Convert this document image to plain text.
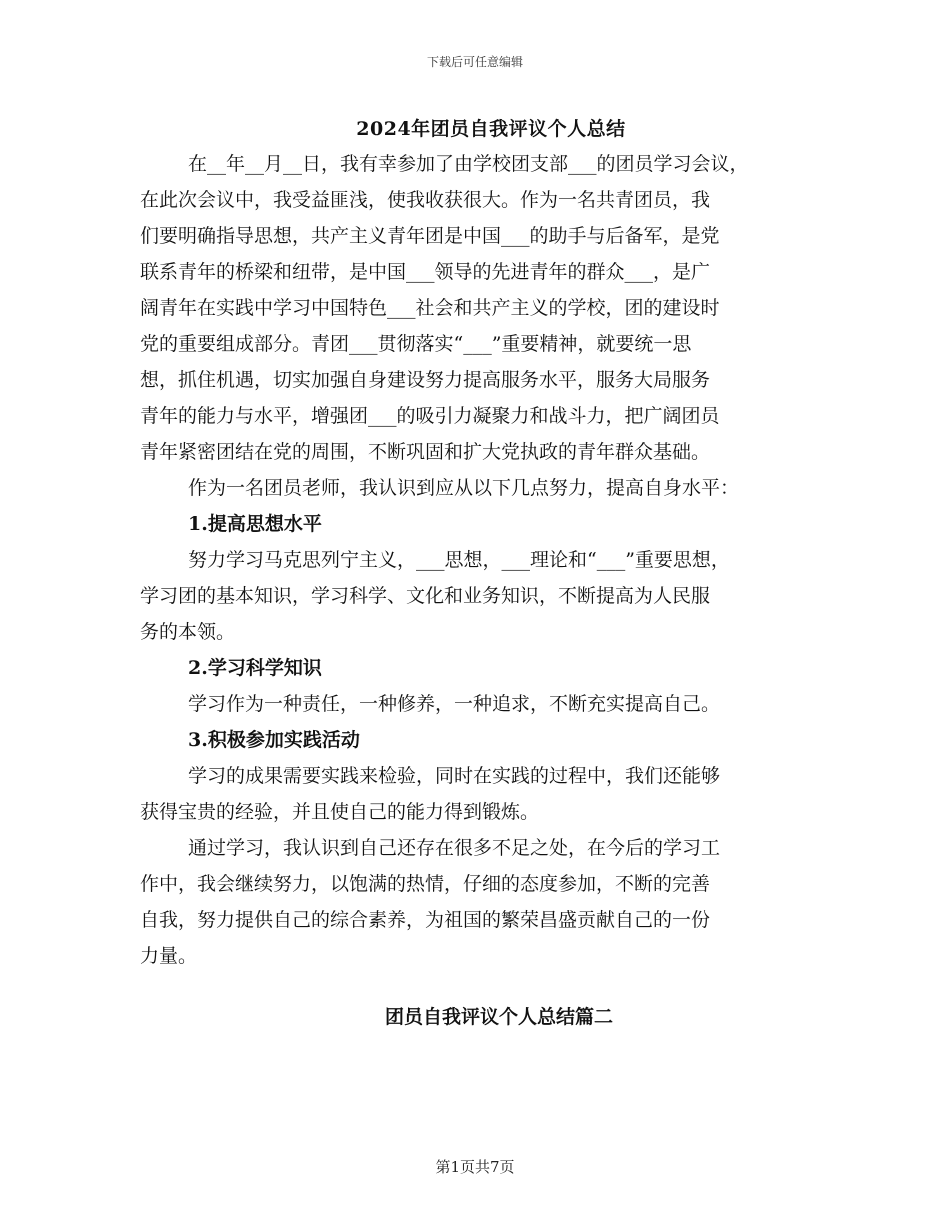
下载后可任意编辑
2024年团员自我评议个人总结

在__年__月__日，我有幸参加了由学校团支部___的团员学习会议，

在此次会议中，我受益匪浅，使我收获很大。作为一名共青团员，我

们要明确指导思想，共产主义青年团是中国___的助手与后备军，是党

联系青年的桥梁和纽带，是中国___领导的先进青年的群众___，是广

阔青年在实践中学习中国特色___社会和共产主义的学校，团的建设时

党的重要组成部分。青团___贯彻落实“___”重要精神，就要统一思

想，抓住机遇，切实加强自身建设努力提高服务水平，服务大局服务

青年的能力与水平，增强团___的吸引力凝聚力和战斗力，把广阔团员

青年紧密团结在党的周围，不断巩固和扩大党执政的青年群众基础。

作为一名团员老师，我认识到应从以下几点努力，提高自身水平：

1.提高思想水平

努力学习马克思列宁主义，___思想，___理论和“___”重要思想，

学习团的基本知识，学习科学、文化和业务知识，不断提高为人民服

务的本领。

2.学习科学知识

学习作为一种责任，一种修养，一种追求，不断充实提高自己。

3.积极参加实践活动

学习的成果需要实践来检验，同时在实践的过程中，我们还能够

获得宝贵的经验，并且使自己的能力得到锻炼。

通过学习，我认识到自己还存在很多不足之处，在今后的学习工

作中，我会继续努力，以饱满的热情，仔细的态度参加，不断的完善

自我，努力提供自己的综合素养，为祖国的繁荣昌盛贡献自己的一份

力量。

团员自我评议个人总结篇二
第1页共7页
